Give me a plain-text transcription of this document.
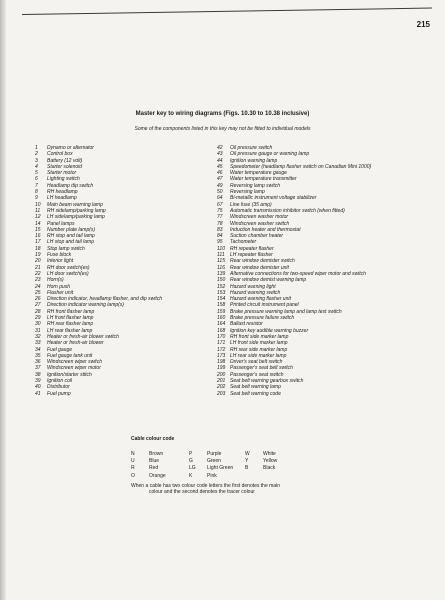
215
Master key to wiring diagrams (Figs. 10.30 to 10.38 inclusive)
Some of the components listed in this key may not be fitted to individual models
1	Dynamo or alternator
2	Control box
3	Battery (12 volt)
4	Starter solenoid
5	Starter motor
6	Lighting switch
7	Headlamp dip switch
8	RH headlamp
9	LH headlamp
10	Main beam warning lamp
11	RH sidelamp/parking lamp
12	LH sidelamp/parking lamp
14	Panel lamps
15	Number plate lamp(s)
16	RH stop and tail lamp
17	LH stop and tail lamp
18	Stop lamp switch
19	Fuse block
20	Interior light
21	RH door switch(es)
22	LH door switch(es)
23	Horn(s)
24	Horn push
25	Flasher unit
26	Direction indicator, headlamp flasher, and dip switch
27	Direction indicator warning lamp(s)
28	RH front flasher lamp
29	LH front flasher lamp
30	RH rear flasher lamp
31	LH rear flasher lamp
32	Heater or fresh-air blower switch
33	Heater or fresh-air blower
34	Fuel gauge
35	Fuel gauge tank unit
36	Windscreen wiper switch
37	Windscreen wiper motor
38	Ignition/starter stitch
39	Ignition coil
40	Distributor
41	Fuel pump
42	Oil pressure switch
43	Oil pressure gauge or warning lamp
44	Ignition warning lamp
45	Speedometer (headlamp flasher switch on Canadian Mini 1000)
46	Water temperature gauge
47	Water temperature transmitter
49	Reversing lamp switch
50	Reversing lamp
64	Bi-metallic instrument voltage stabilizer
67	Line fuse (35 amp)
75	Automatic transmission inhibitor switch (when fitted)
77	Windscreen washer motor
78	Windscreen washer switch
83	Induction heater and thermostat
84	Suction chamber heater
95	Tachometer
110	RH repeater flasher
111	LH repeater flasher
115	Rear window demister switch
116	Rear window demister unit
139 Alternative connections for two-speed wiper motor and switch
150 Rear window demist warning lamp
152 Hazard warning light
153 Hazard warning switch
154 Hazard warning flasher unit
158 Printed circuit instrument panel
159 Brake pressure warning lamp and lamp test switch
160 Brake pressure failure switch
164 Ballast resistor
168 Ignition key audible warning buzzer
170 RH front side marker lamp
171 LH front side marker lamp
172 RH rear side marker lamp
173 LH rear side marker lamp
198 Driver's seat belt switch
199 Passenger's seat belt switch
200 Passenger's seat switch
201 Seat belt warning gearbox switch
202 Seat belt warning lamp
203 Seat belt warning code
Cable colour code
N	Brown	P	Purple	W	White
U	Blue	G	Green	Y	Yellow
R	Red	LG	Light Green	B	Black
O	Orange	K	Pink
When a cable has two colour code letters the first denotes the main
colour and the second denotes the tracer colour
